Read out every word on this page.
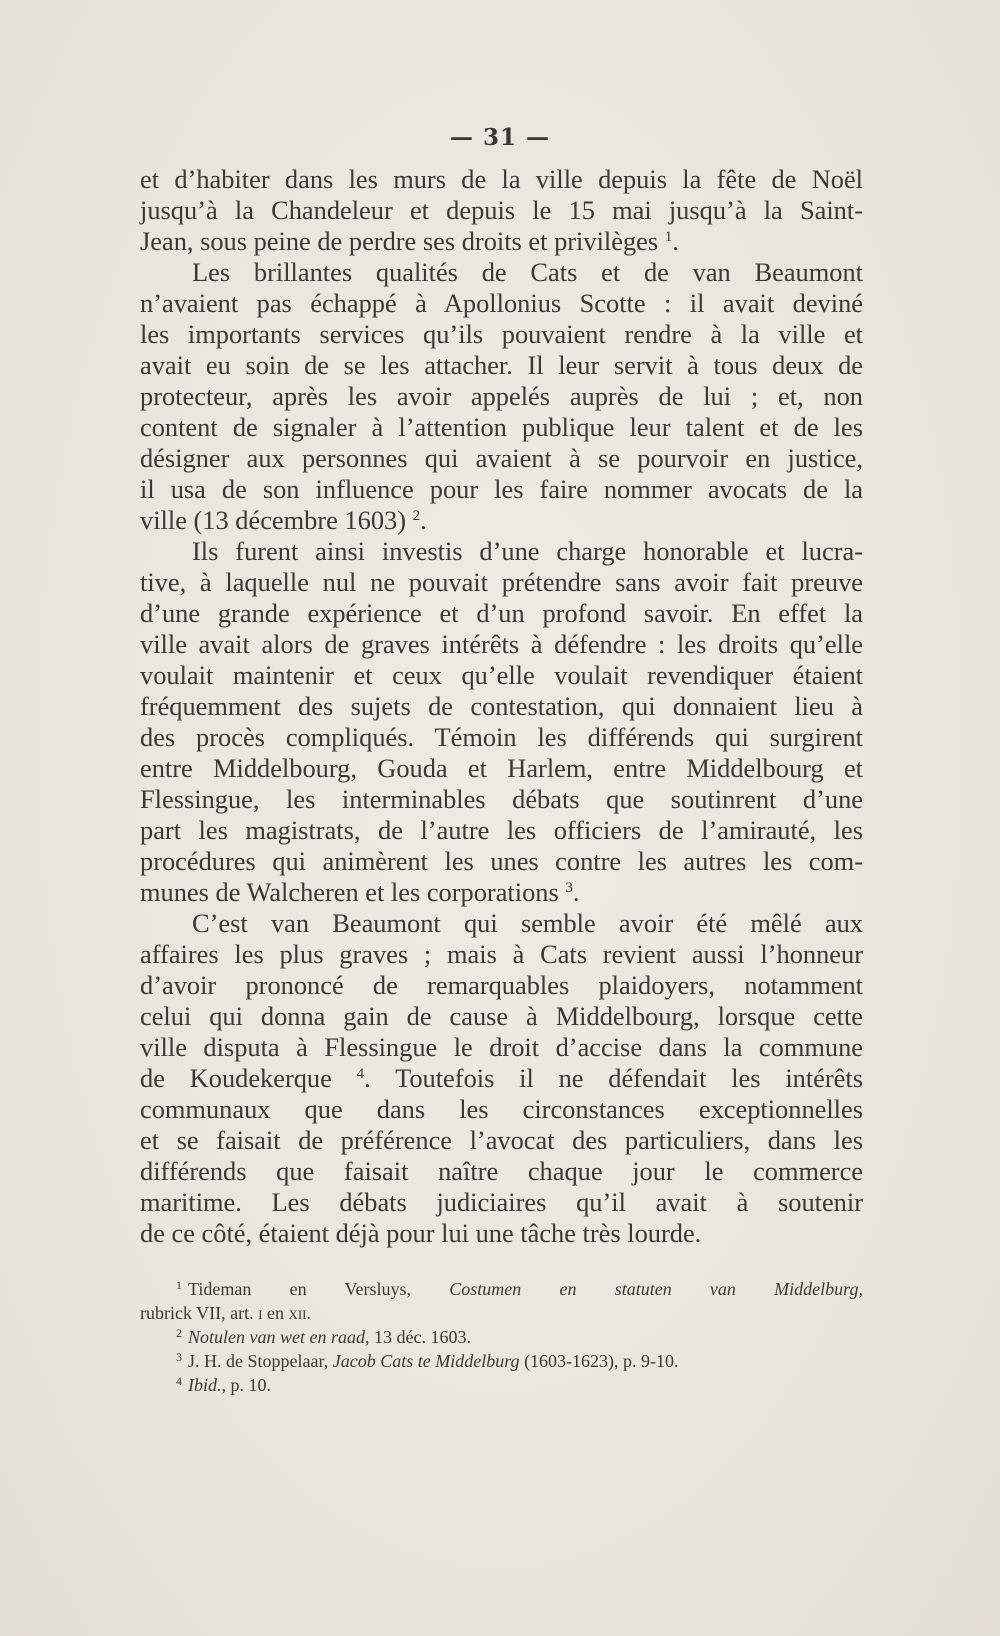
— 31 —
et d’habiter dans les murs de la ville depuis la fête de Noël
jusqu’à la Chandeleur et depuis le 15 mai jusqu’à la Saint-
Jean, sous peine de perdre ses droits et privilèges $^1$.
Les brillantes qualités de Cats et de van Beaumont
n’avaient pas échappé à Apollonius Scotte : il avait deviné
les importants services qu’ils pouvaient rendre à la ville et
avait eu soin de se les attacher. Il leur servit à tous deux de
protecteur, après les avoir appelés auprès de lui ; et, non
content de signaler à l’attention publique leur talent et de les
désigner aux personnes qui avaient à se pourvoir en justice,
il usa de son influence pour les faire nommer avocats de la
ville (13 décembre 1603) $^2$.
Ils furent ainsi investis d’une charge honorable et lucra-
tive, à laquelle nul ne pouvait prétendre sans avoir fait preuve
d’une grande expérience et d’un profond savoir. En effet la
ville avait alors de graves intérêts à défendre : les droits qu’elle
voulait maintenir et ceux qu’elle voulait revendiquer étaient
fréquemment des sujets de contestation, qui donnaient lieu à
des procès compliqués. Témoin les différends qui surgirent
entre Middelbourg, Gouda et Harlem, entre Middelbourg et
Flessingue, les interminables débats que soutinrent d’une
part les magistrats, de l’autre les officiers de l’amirauté, les
procédures qui animèrent les unes contre les autres les com-
munes de Walcheren et les corporations $^3$.
C’est van Beaumont qui semble avoir été mêlé aux
affaires les plus graves ; mais à Cats revient aussi l’honneur
d’avoir prononcé de remarquables plaidoyers, notamment
celui qui donna gain de cause à Middelbourg, lorsque cette
ville disputa à Flessingue le droit d’accise dans la commune
de Koudekerque $^4$. Toutefois il ne défendait les intérêts
communaux que dans les circonstances exceptionnelles
et se faisait de préférence l’avocat des particuliers, dans les
différends que faisait naître chaque jour le commerce
maritime. Les débats judiciaires qu’il avait à soutenir
de ce côté, étaient déjà pour lui une tâche très lourde.
$^1$ Tideman en Versluys, Costumen en statuten van Middelburg,
rubrick VII, art. i en xii.
$^2$ Notulen van wet en raad, 13 déc. 1603.
$^3$ J. H. de Stoppelaar, Jacob Cats te Middelburg (1603-1623), p. 9-10.
$^4$ Ibid., p. 10.
